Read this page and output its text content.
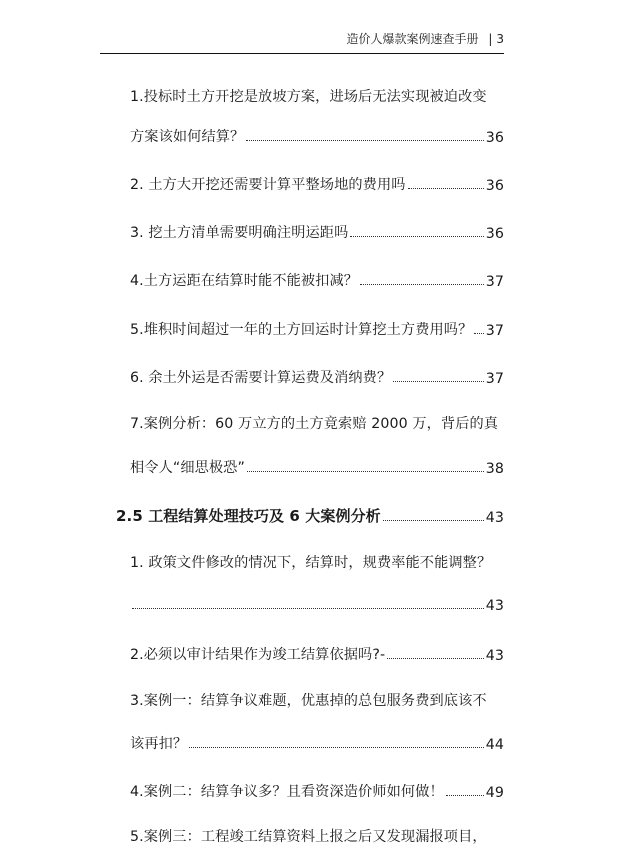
造价人爆款案例速查手册 | 3
1.投标时土方开挖是放坡方案，进场后无法实现被迫改变
方案该如何结算？	36
2. 土方大开挖还需要计算平整场地的费用吗	36
3. 挖土方清单需要明确注明运距吗	36
4.土方运距在结算时能不能被扣减？	37
5.堆积时间超过一年的土方回运时计算挖土方费用吗？ 37
6. 余土外运是否需要计算运费及消纳费？	37
7.案例分析：60 万立方的土方竟索赔 2000 万，背后的真
相令人“细思极恐”	38
2.5 工程结算处理技巧及 6 大案例分析	43
1. 政策文件修改的情况下，结算时，规费率能不能调整？
43
2.必须以审计结果作为竣工结算依据吗?-	43
3.案例一：结算争议难题，优惠掉的总包服务费到底该不
该再扣？	44
4.案例二：结算争议多？且看资深造价师如何做！	49
5.案例三：工程竣工结算资料上报之后又发现漏报项目，
